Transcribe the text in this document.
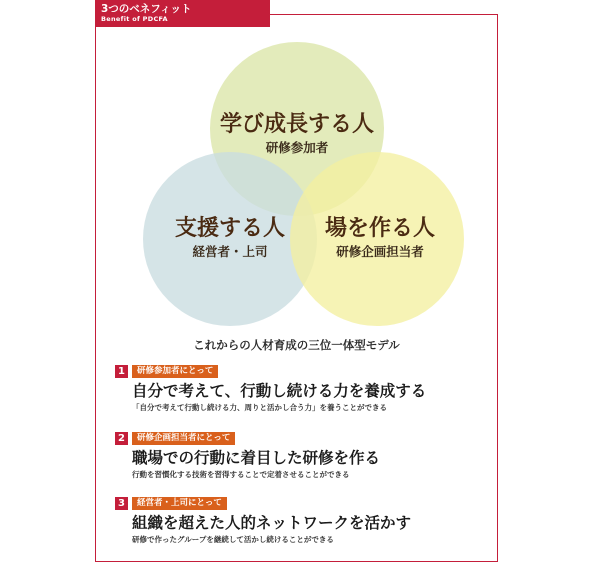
3つのベネフィット
Benefit of PDCFA
学び成長する人
研修参加者
支援する人
経営者・上司
場を作る人
研修企画担当者
これからの人材育成の三位一体型モデル
1	研修参加者にとって
自分で考えて、行動し続ける力を養成する
「自分で考えて行動し続ける力、周りと活かし合う力」を養うことができる
2	研修企画担当者にとって
職場での行動に着目した研修を作る
行動を習慣化する技術を習得することで定着させることができる
3	経営者・上司にとって
組織を超えた人的ネットワークを活かす
研修で作ったグループを継続して活かし続けることができる
